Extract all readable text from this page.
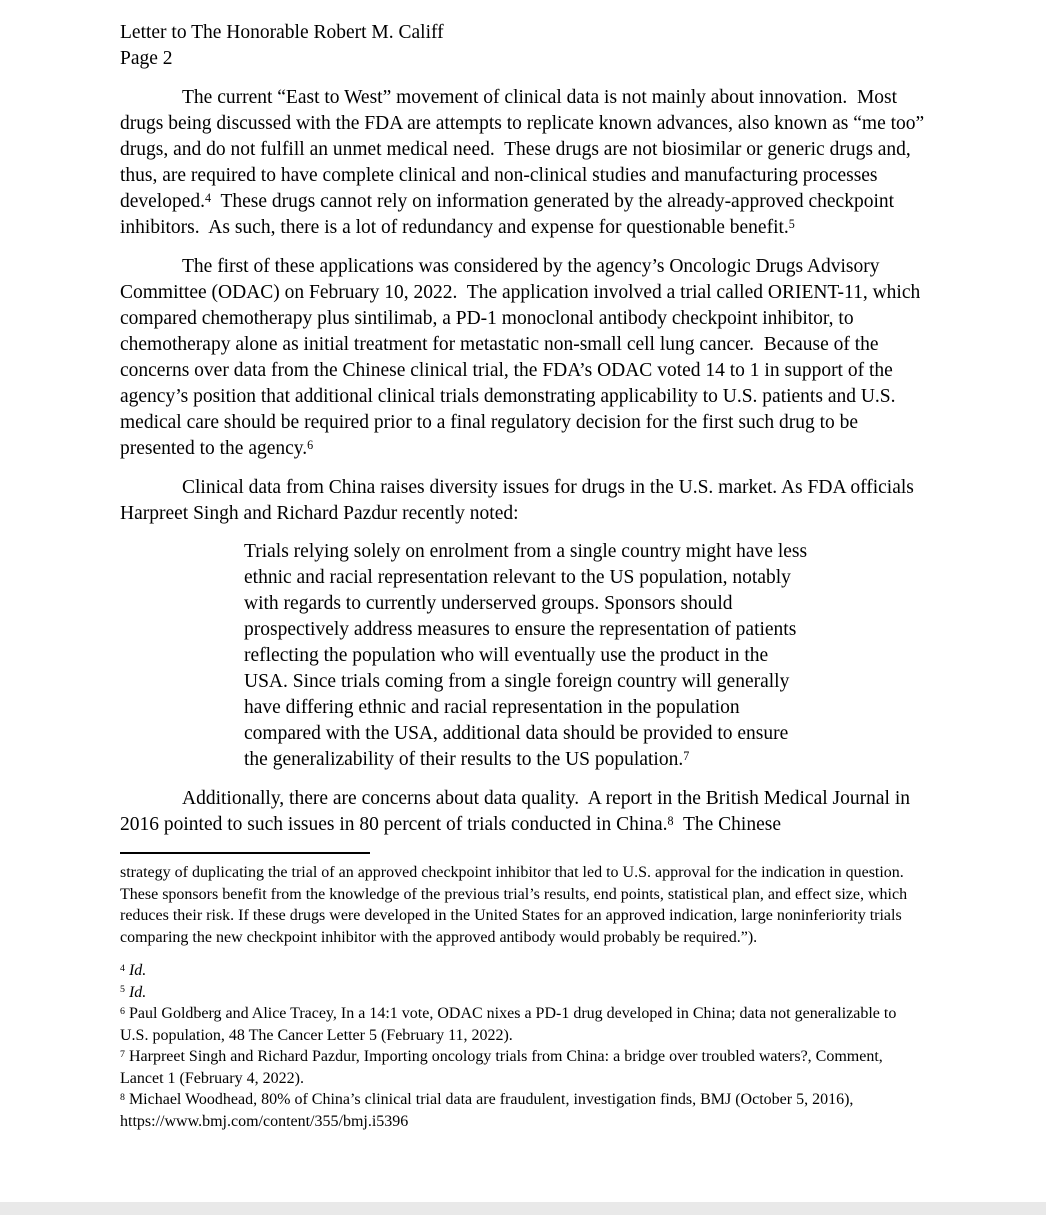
Letter to The Honorable Robert M. Califf

Page 2

The current “East to West” movement of clinical data is not mainly about innovation.  Most drugs being discussed with the FDA are attempts to replicate known advances, also known as “me too” drugs, and do not fulfill an unmet medical need.  These drugs are not biosimilar or generic drugs and, thus, are required to have complete clinical and non-clinical studies and manufacturing processes developed.$^4$  These drugs cannot rely on information generated by the already-approved checkpoint inhibitors.  As such, there is a lot of redundancy and expense for questionable benefit.$^5$

The first of these applications was considered by the agency’s Oncologic Drugs Advisory Committee (ODAC) on February 10, 2022.  The application involved a trial called ORIENT-11, which compared chemotherapy plus sintilimab, a PD-1 monoclonal antibody checkpoint inhibitor, to chemotherapy alone as initial treatment for metastatic non-small cell lung cancer.  Because of the concerns over data from the Chinese clinical trial, the FDA’s ODAC voted 14 to 1 in support of the agency’s position that additional clinical trials demonstrating applicability to U.S. patients and U.S. medical care should be required prior to a final regulatory decision for the first such drug to be presented to the agency.$^6$

Clinical data from China raises diversity issues for drugs in the U.S. market. As FDA officials Harpreet Singh and Richard Pazdur recently noted:

Trials relying solely on enrolment from a single country might have less ethnic and racial representation relevant to the US population, notably with regards to currently underserved groups. Sponsors should prospectively address measures to ensure the representation of patients reflecting the population who will eventually use the product in the USA. Since trials coming from a single foreign country will generally have differing ethnic and racial representation in the population compared with the USA, additional data should be provided to ensure the generalizability of their results to the US population.$^7$

Additionally, there are concerns about data quality.  A report in the British Medical Journal in 2016 pointed to such issues in 80 percent of trials conducted in China.$^8$  The Chinese

strategy of duplicating the trial of an approved checkpoint inhibitor that led to U.S. approval for the indication in question. These sponsors benefit from the knowledge of the previous trial’s results, end points, statistical plan, and effect size, which reduces their risk. If these drugs were developed in the United States for an approved indication, large noninferiority trials comparing the new checkpoint inhibitor with the approved antibody would probably be required.”).

$^4$ Id.

$^5$ Id.

$^6$ Paul Goldberg and Alice Tracey, In a 14:1 vote, ODAC nixes a PD-1 drug developed in China; data not generalizable to U.S. population, 48 The Cancer Letter 5 (February 11, 2022).

$^7$ Harpreet Singh and Richard Pazdur, Importing oncology trials from China: a bridge over troubled waters?, Comment, Lancet 1 (February 4, 2022).

$^8$ Michael Woodhead, 80% of China’s clinical trial data are fraudulent, investigation finds, BMJ (October 5, 2016), https://www.bmj.com/content/355/bmj.i5396
